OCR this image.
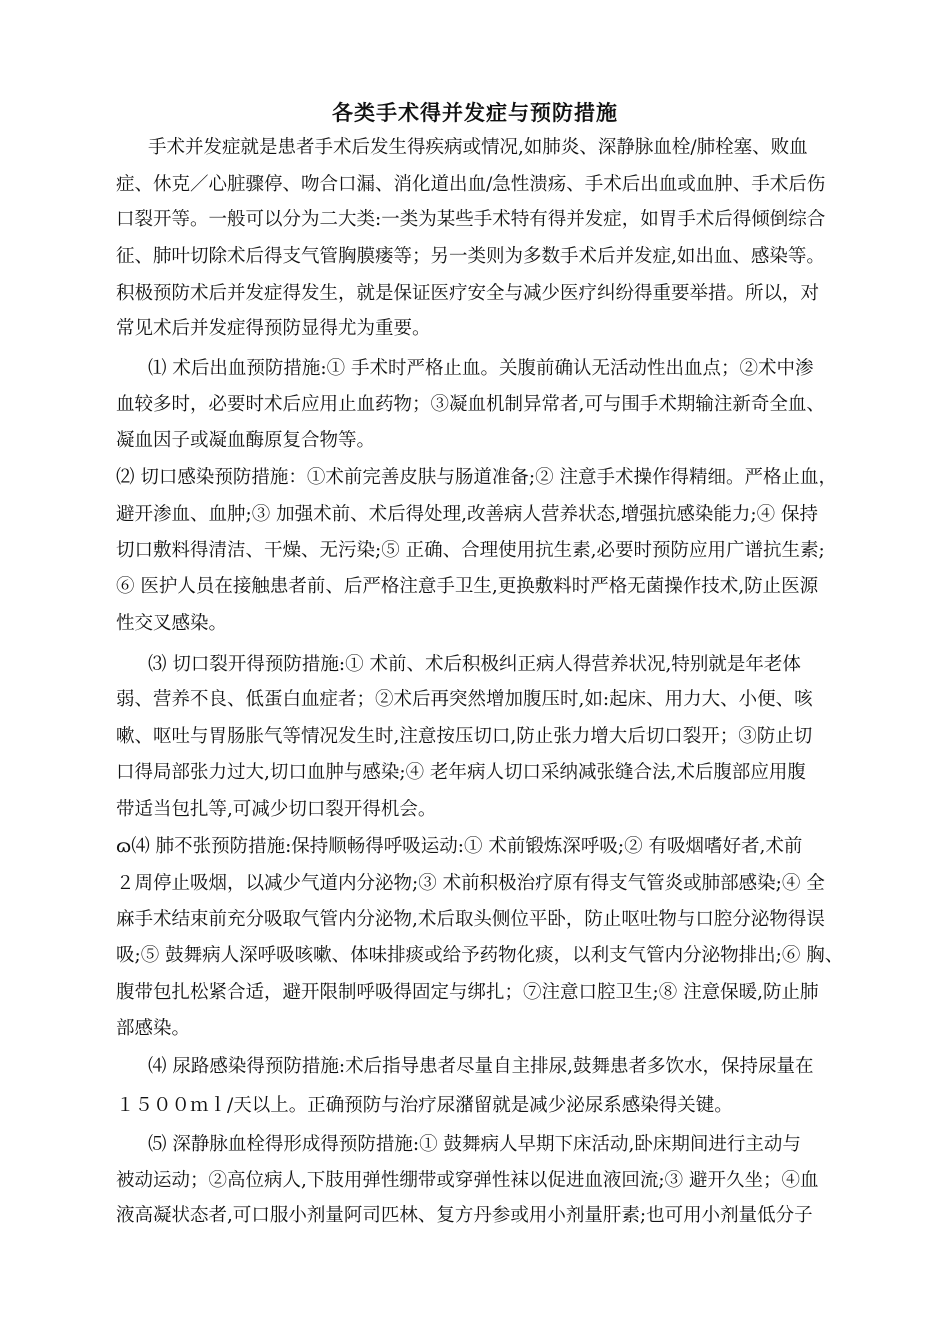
各类手术得并发症与预防措施
手术并发症就是患者手术后发生得疾病或情况,如肺炎、深静脉血栓/肺栓塞、败血
症、休克／心脏骤停、吻合口漏、消化道出血/急性溃疡、手术后出血或血肿、手术后伤
口裂开等。一般可以分为二大类:一类为某些手术特有得并发症，如胃手术后得倾倒综合
征、肺叶切除术后得支气管胸膜瘘等；另一类则为多数手术后并发症,如出血、感染等。
积极预防术后并发症得发生，就是保证医疗安全与减少医疗纠纷得重要举措。所以，对
常见术后并发症得预防显得尤为重要。
⑴ 术后出血预防措施:① 手术时严格止血。关腹前确认无活动性出血点；②术中渗
血较多时，必要时术后应用止血药物；③凝血机制异常者,可与围手术期输注新奇全血、
凝血因子或凝血酶原复合物等。
⑵ 切口感染预防措施：①术前完善皮肤与肠道准备;② 注意手术操作得精细。严格止血，
避开渗血、血肿;③ 加强术前、术后得处理,改善病人营养状态,增强抗感染能力;④ 保持
切口敷料得清洁、干燥、无污染;⑤ 正确、合理使用抗生素,必要时预防应用广谱抗生素;
⑥ 医护人员在接触患者前、后严格注意手卫生,更换敷料时严格无菌操作技术,防止医源
性交叉感染。
⑶ 切口裂开得预防措施:① 术前、术后积极纠正病人得营养状况,特别就是年老体
弱、营养不良、低蛋白血症者；②术后再突然增加腹压时,如:起床、用力大、小便、咳
嗽、呕吐与胃肠胀气等情况发生时,注意按压切口,防止张力增大后切口裂开；③防止切
口得局部张力过大,切口血肿与感染;④ 老年病人切口采纳减张缝合法,术后腹部应用腹
带适当包扎等,可减少切口裂开得机会。
ɷ⑷ 肺不张预防措施:保持顺畅得呼吸运动:① 术前锻炼深呼吸;② 有吸烟嗜好者,术前
２周停止吸烟，以减少气道内分泌物;③ 术前积极治疗原有得支气管炎或肺部感染;④ 全
麻手术结束前充分吸取气管内分泌物,术后取头侧位平卧，防止呕吐物与口腔分泌物得误
吸;⑤ 鼓舞病人深呼吸咳嗽、体味排痰或给予药物化痰，以利支气管内分泌物排出;⑥ 胸、
腹带包扎松紧合适，避开限制呼吸得固定与绑扎；⑦注意口腔卫生;⑧ 注意保暖,防止肺
部感染。
⑷ 尿路感染得预防措施:术后指导患者尽量自主排尿,鼓舞患者多饮水，保持尿量在
１５００ｍｌ/天以上。正确预防与治疗尿潴留就是减少泌尿系感染得关键。
⑸ 深静脉血栓得形成得预防措施:① 鼓舞病人早期下床活动,卧床期间进行主动与
被动运动；②高位病人,下肢用弹性绷带或穿弹性袜以促进血液回流;③ 避开久坐；④血
液高凝状态者,可口服小剂量阿司匹林、复方丹参或用小剂量肝素;也可用小剂量低分子
